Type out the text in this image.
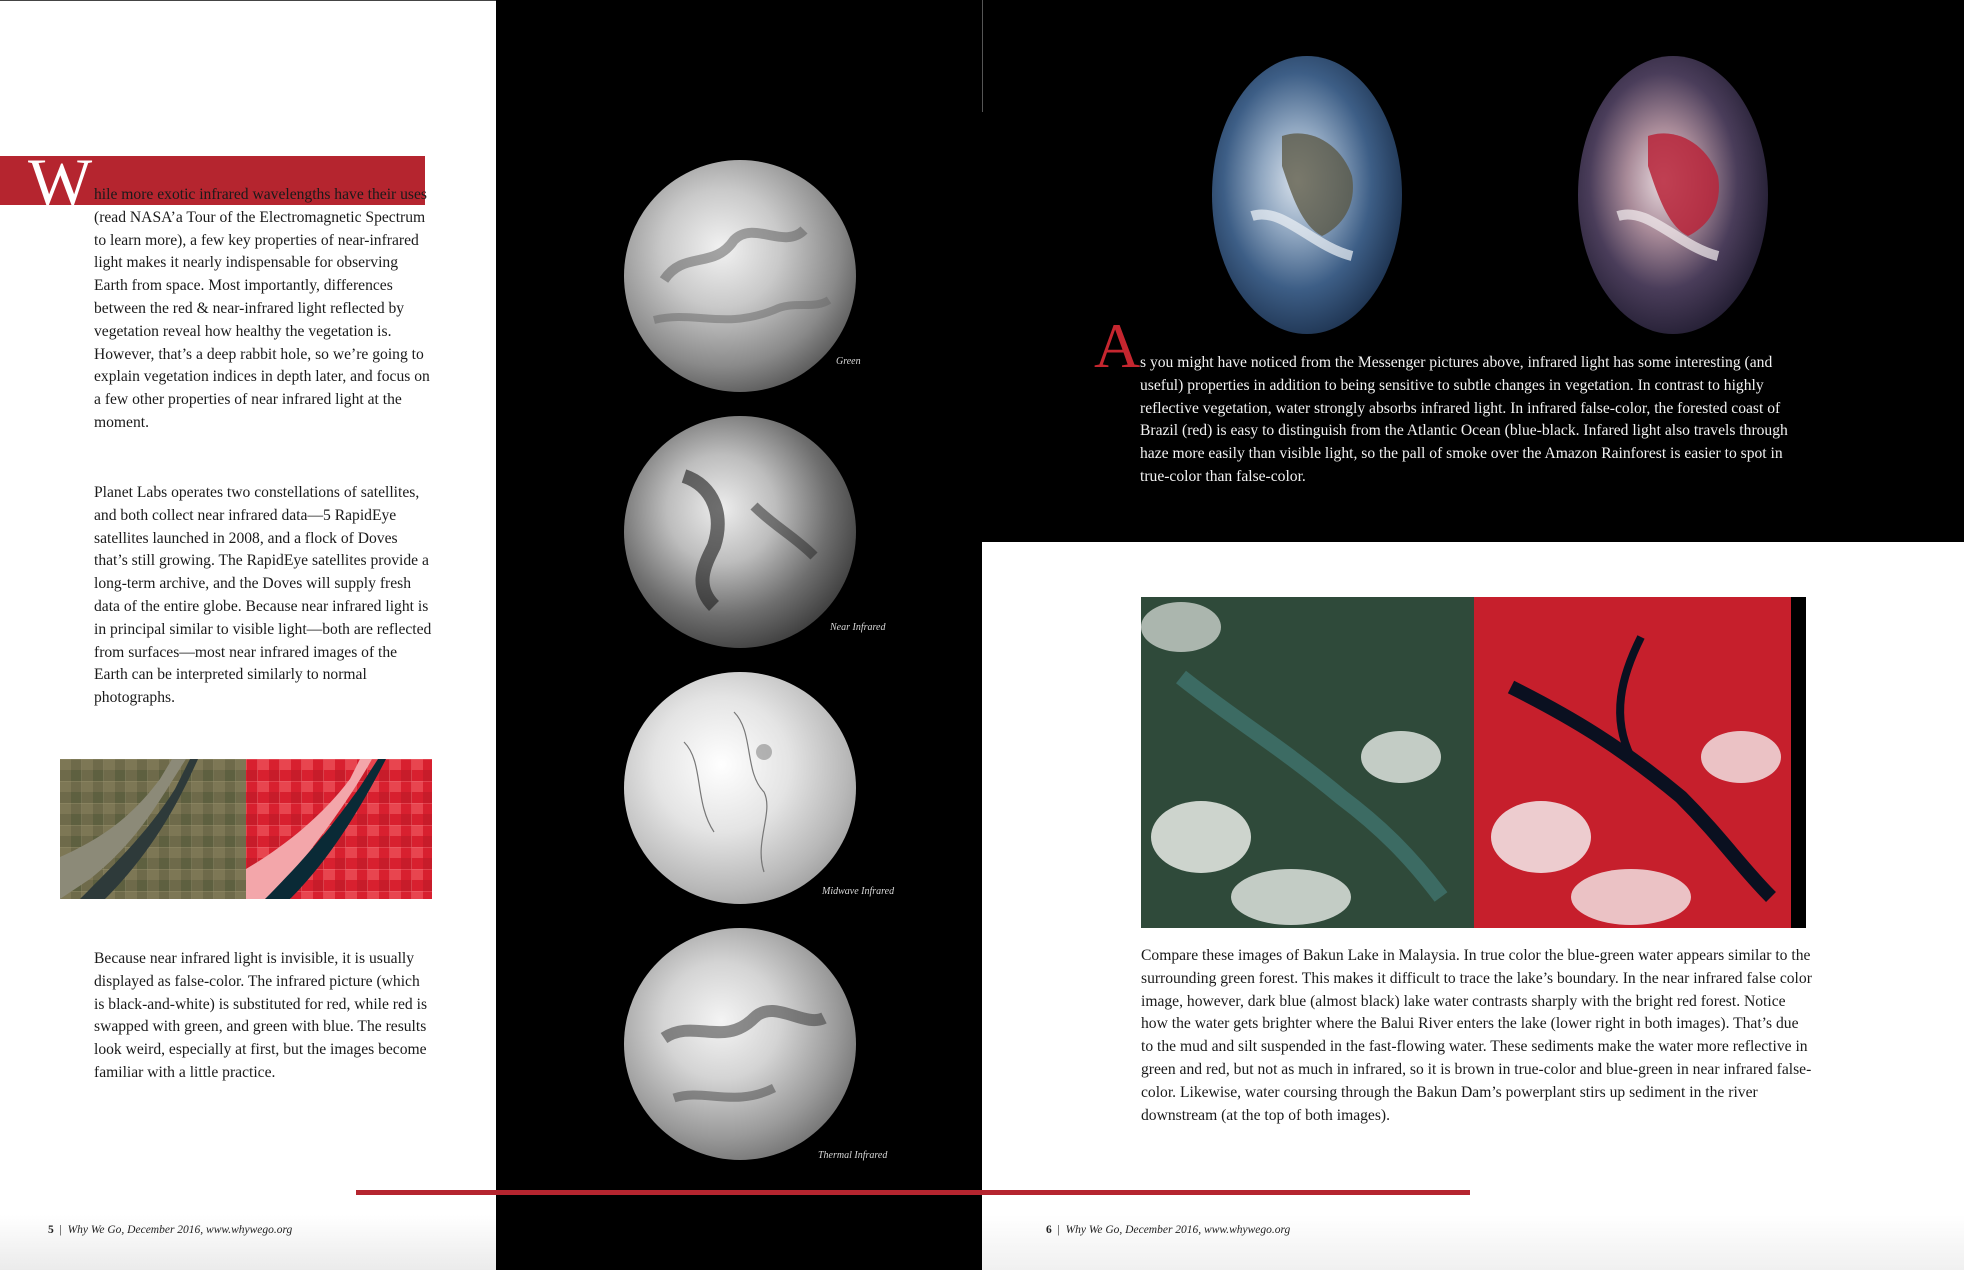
W hile more exotic infrared wavelengths have their uses (read NASA’a Tour of the Electromagnetic Spectrum to learn more), a few key properties of near-infrared light makes it nearly indispensable for observing Earth from space. Most importantly, differences between the red & near-infrared light reflected by vegetation reveal how healthy the vegetation is. However, that’s a deep rabbit hole, so we’re going to explain vegetation indices in depth later, and focus on a few other properties of near infrared light at the moment.
Planet Labs operates two constellations of satellites, and both collect near infrared data—5 RapidEye satellites launched in 2008, and a flock of Doves that’s still growing. The RapidEye satellites provide a long-term archive, and the Doves will supply fresh data of the entire globe. Because near infrared light is in principal similar to visible light—both are reflected from surfaces—most near infrared images of the Earth can be interpreted similarly to normal photographs.
Because near infrared light is invisible, it is usually displayed as false-color. The infrared picture (which is black-and-white) is substituted for red, while red is swapped with green, and green with blue. The results look weird, especially at first, but the images become familiar with a little practice.
Green
Near Infrared
Midwave Infrared
Thermal Infrared
A s you might have noticed from the Messenger pictures above, infrared light has some interesting (and useful) properties in addition to being sensitive to subtle changes in vegetation. In contrast to highly reflective vegetation, water strongly absorbs infrared light. In infrared false-color, the forested coast of Brazil (red) is easy to distinguish from the Atlantic Ocean (blue-black. Infared light also travels through haze more easily than visible light, so the pall of smoke over the Amazon Rainforest is easier to spot in true-color than false-color.
Compare these images of Bakun Lake in Malaysia. In true color the blue-green water appears similar to the surrounding green forest. This makes it difficult to trace the lake’s boundary. In the near infrared false color image, however, dark blue (almost black) lake water contrasts sharply with the bright red forest. Notice how the water gets brighter where the Balui River enters the lake (lower right in both images). That’s due to the mud and silt suspended in the fast-flowing water. These sediments make the water more reflective in green and red, but not as much in infrared, so it is brown in true-color and blue-green in near infrared false-color. Likewise, water coursing through the Bakun Dam’s powerplant stirs up sediment in the river downstream (at the top of both images).
5 | Why We Go, December 2016, www.whywego.org	6 | Why We Go, December 2016, www.whywego.org
